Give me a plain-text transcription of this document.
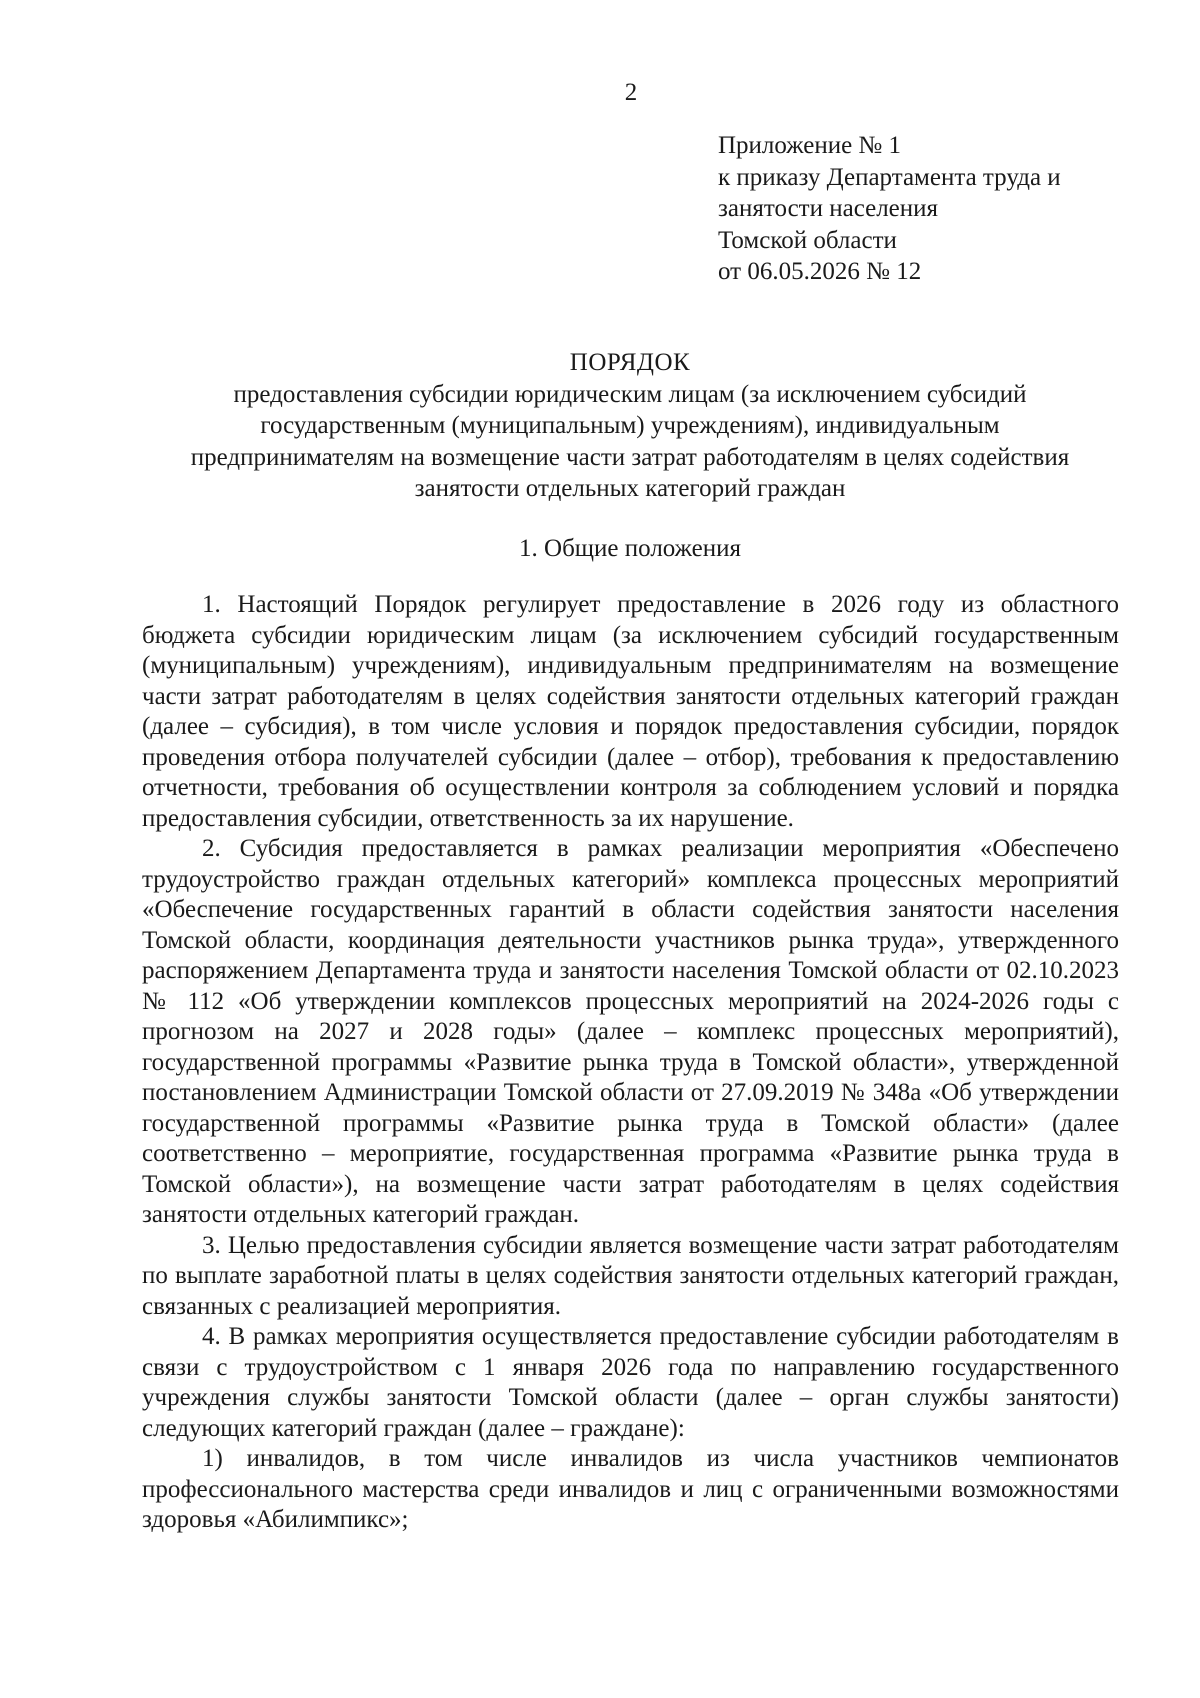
2
Приложение № 1
к приказу Департамента труда и
занятости населения
Томской области
от 06.05.2026 № 12
ПОРЯДОК
предоставления субсидии юридическим лицам (за исключением субсидий
государственным (муниципальным) учреждениям), индивидуальным
предпринимателям на возмещение части затрат работодателям в целях содействия
занятости отдельных категорий граждан
1. Общие положения

1. Настоящий Порядок регулирует предоставление в 2026 году из областного бюджета субсидии юридическим лицам (за исключением субсидий государственным (муниципальным) учреждениям), индивидуальным предпринимателям на возмещение части затрат работодателям в целях содействия занятости отдельных категорий граждан (далее – субсидия), в том числе условия и порядок предоставления субсидии, порядок проведения отбора получателей субсидии (далее – отбор), требования к предоставлению отчетности, требования об осуществлении контроля за соблюдением условий и порядка предоставления субсидии, ответственность за их нарушение.

2. Субсидия предоставляется в рамках реализации мероприятия «Обеспечено трудоустройство граждан отдельных категорий» комплекса процессных мероприятий «Обеспечение государственных гарантий в области содействия занятости населения Томской области, координация деятельности участников рынка труда», утвержденного распоряжением Департамента труда и занятости населения Томской области от 02.10.2023 № 112 «Об утверждении комплексов процессных мероприятий на 2024-2026 годы с прогнозом на 2027 и 2028 годы» (далее – комплекс процессных мероприятий), государственной программы «Развитие рынка труда в Томской области», утвержденной постановлением Администрации Томской области от 27.09.2019 № 348а «Об утверждении государственной программы «Развитие рынка труда в Томской области» (далее соответственно – мероприятие, государственная программа «Развитие рынка труда в Томской области»), на возмещение части затрат работодателям в целях содействия занятости отдельных категорий граждан.

3. Целью предоставления субсидии является возмещение части затрат работодателям по выплате заработной платы в целях содействия занятости отдельных категорий граждан, связанных с реализацией мероприятия.

4. В рамках мероприятия осуществляется предоставление субсидии работодателям в связи с трудоустройством с 1 января 2026 года по направлению государственного учреждения службы занятости Томской области (далее – орган службы занятости) следующих категорий граждан (далее – граждане):

1) инвалидов, в том числе инвалидов из числа участников чемпионатов профессионального мастерства среди инвалидов и лиц с ограниченными возможностями здоровья «Абилимпикс»;
